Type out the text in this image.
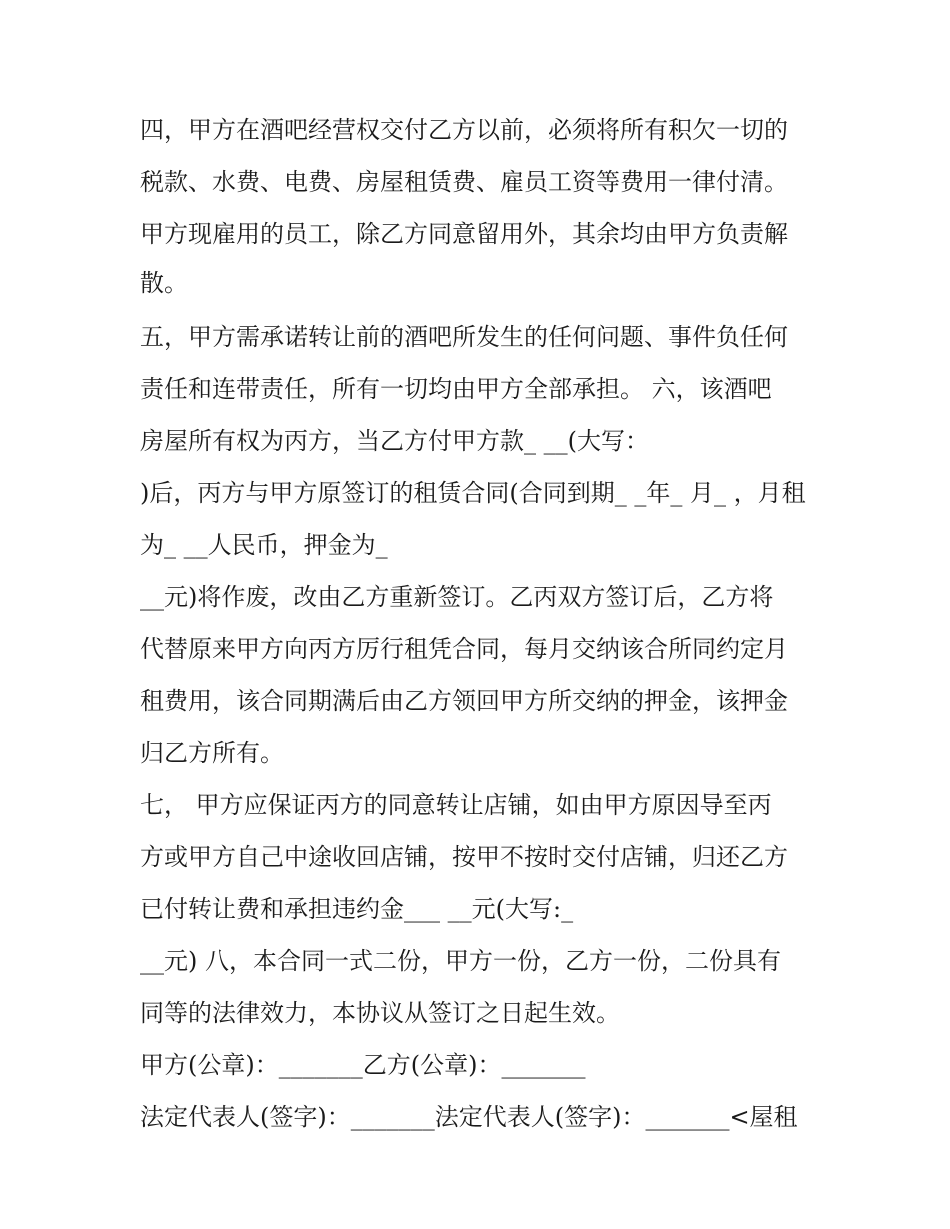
四，甲方在酒吧经营权交付乙方以前，必须将所有积欠一切的
税款、水费、电费、房屋租赁费、雇员工资等费用一律付清。
甲方现雇用的员工，除乙方同意留用外，其余均由甲方负责解
散。
五，甲方需承诺转让前的酒吧所发生的任何问题、事件负任何
责任和连带责任，所有一切均由甲方全部承担。 六，该酒吧
房屋所有权为丙方，当乙方付甲方款_ __(大写：
)后，丙方与甲方原签订的租赁合同(合同到期_ _年_ 月_ ，月租
为_ __人民币，押金为_
__元)将作废，改由乙方重新签订。乙丙双方签订后，乙方将
代替原来甲方向丙方厉行租凭合同，每月交纳该合所同约定月
租费用，该合同期满后由乙方领回甲方所交纳的押金，该押金
归乙方所有。
七， 甲方应保证丙方的同意转让店铺，如由甲方原因导至丙
方或甲方自己中途收回店铺，按甲不按时交付店铺，归还乙方
已付转让费和承担违约金___ __元(大写:_
__元) 八，本合同一式二份，甲方一份，乙方一份，二份具有
同等的法律效力，本协议从签订之日起生效。
甲方(公章)：_______乙方(公章)：_______
法定代表人(签字)：_______法定代表人(签字)：_______<屋租
